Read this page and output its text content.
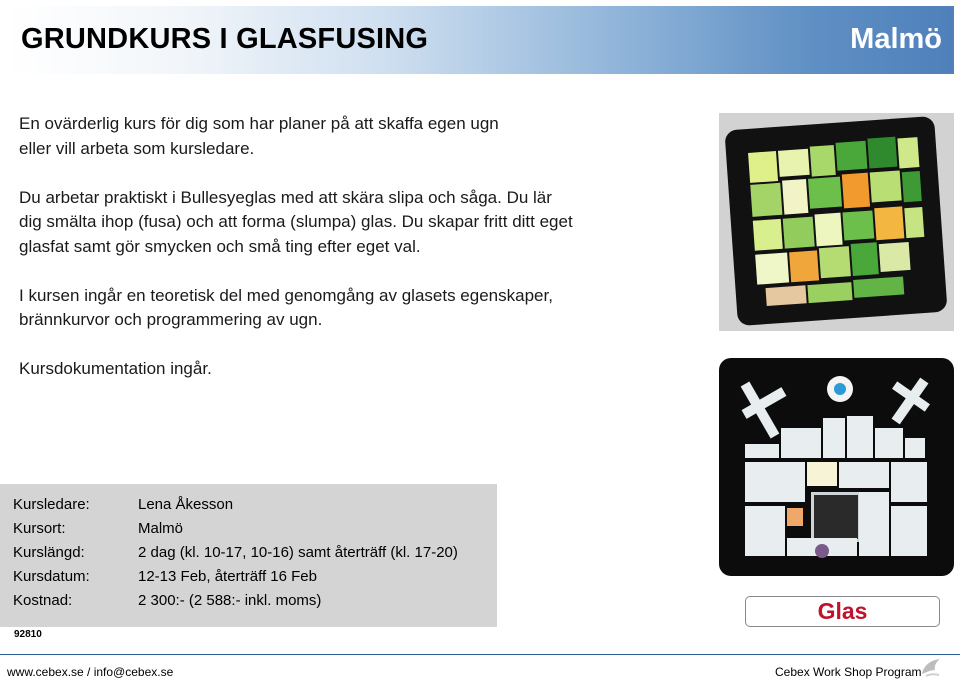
GRUNDKURS I GLASFUSING	Malmö

En ovärderlig kurs för dig som har planer på att skaffa egen ugn
eller vill arbeta som kursledare.

Du arbetar praktiskt i Bullesyeglas med att skära slipa och såga. Du lär
dig smälta ihop (fusa) och att forma (slumpa) glas. Du skapar fritt ditt eget
glasfat samt gör smycken och små ting efter eget val.

I kursen ingår en teoretisk del med genomgång av glasets egenskaper,
brännkurvor och programmering av ugn.

Kursdokumentation ingår.

Kursledare:	Lena Åkesson
Kursort:	Malmö
Kurslängd:	2 dag (kl. 10-17, 10-16) samt återträff (kl. 17-20)
Kursdatum:	12-13 Feb, återträff 16 Feb
Kostnad:	2 300:- (2 588:- inkl. moms)
92810
Glas
www.cebex.se / info@cebex.se	Cebex Work Shop Program
